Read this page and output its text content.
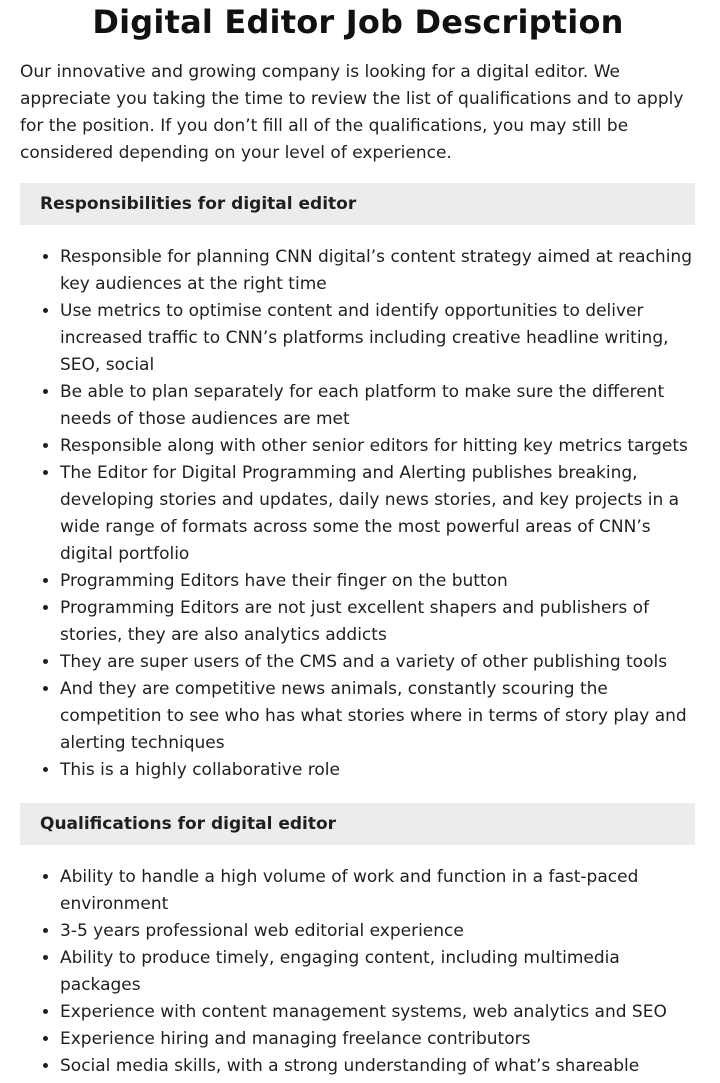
Digital Editor Job Description

Our innovative and growing company is looking for a digital editor. We appreciate you taking the time to review the list of qualifications and to apply for the position. If you don’t fill all of the qualifications, you may still be considered depending on your level of experience.

Responsibilities for digital editor
• Responsible for planning CNN digital’s content strategy aimed at reaching key audiences at the right time
• Use metrics to optimise content and identify opportunities to deliver increased traffic to CNN’s platforms including creative headline writing, SEO, social
• Be able to plan separately for each platform to make sure the different needs of those audiences are met
• Responsible along with other senior editors for hitting key metrics targets
• The Editor for Digital Programming and Alerting publishes breaking, developing stories and updates, daily news stories, and key projects in a wide range of formats across some the most powerful areas of CNN’s digital portfolio
• Programming Editors have their finger on the button
• Programming Editors are not just excellent shapers and publishers of stories, they are also analytics addicts
• They are super users of the CMS and a variety of other publishing tools
• And they are competitive news animals, constantly scouring the competition to see who has what stories where in terms of story play and alerting techniques
• This is a highly collaborative role
Qualifications for digital editor
• Ability to handle a high volume of work and function in a fast-paced environment
• 3-5 years professional web editorial experience
• Ability to produce timely, engaging content, including multimedia packages
• Experience with content management systems, web analytics and SEO
• Experience hiring and managing freelance contributors
• Social media skills, with a strong understanding of what’s shareable
